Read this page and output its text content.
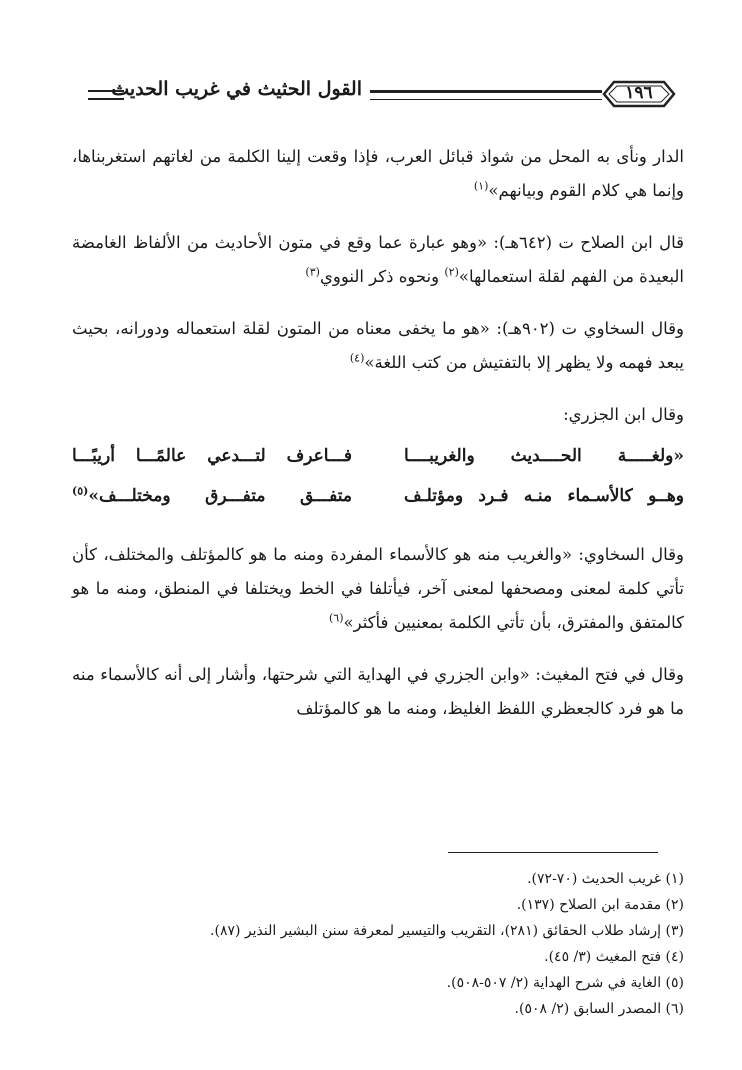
القول الحثيث في غريب الحديث	١٩٦

الدار ونأى به المحل من شواذ قبائل العرب، فإذا وقعت إلينا الكلمة من لغاتهم استغربناها، وإنما هي كلام القوم وبيانهم»$^{(١)}$

قال ابن الصلاح ت (٦٤٢هـ): «وهو عبارة عما وقع في متون الأحاديث من الألفاظ الغامضة البعيدة من الفهم لقلة استعمالها»$^{(٢)}$ ونحوه ذكر النووي$^{(٣)}$

وقال السخاوي ت (٩٠٢هـ): «هو ما يخفى معناه من المتون لقلة استعماله ودورانه، بحيث يبعد فهمه ولا يظهر إلا بالتفتيش من كتب اللغة»$^{(٤)}$

وقال ابن الجزري:

«ولغـــــة الحــــديث والغريبــــا
فـــاعرف لتـــدعي عالمًـــا أريبًـــا
وهــو كالأسـماء منـه فـرد ومؤتلـف
متفـــق متفـــرق ومختلـــف»$^{(٥)}$

وقال السخاوي: «والغريب منه هو كالأسماء المفردة ومنه ما هو كالمؤتلف والمختلف، كأن تأتي كلمة لمعنى ومصحفها لمعنى آخر، فيأتلفا في الخط ويختلفا في المنطق، ومنه ما هو كالمتفق والمفترق، بأن تأتي الكلمة بمعنيين فأكثر»$^{(٦)}$

وقال في فتح المغيث: «وابن الجزري في الهداية التي شرحتها، وأشار إلى أنه كالأسماء منه ما هو فرد كالجعظري اللفظ الغليظ، ومنه ما هو كالمؤتلف

(١) غريب الحديث (٧٠-٧٢).
(٢) مقدمة ابن الصلاح (١٣٧).
(٣) إرشاد طلاب الحقائق (٢٨١)، التقريب والتيسير لمعرفة سنن البشير النذير (٨٧).
(٤) فتح المغيث (٣/ ٤٥).
(٥) الغاية في شرح الهداية (٢/ ٥٠٧-٥٠٨).
(٦) المصدر السابق (٢/ ٥٠٨).
